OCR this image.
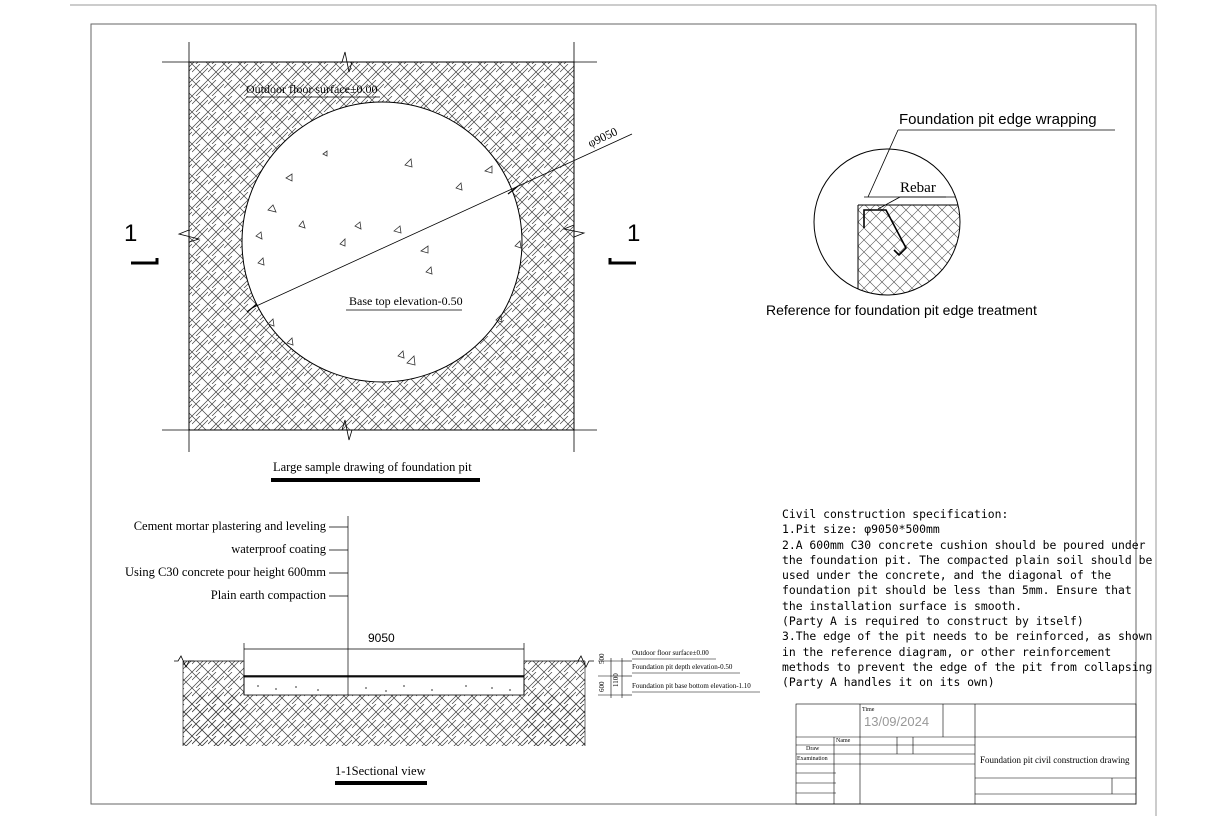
Outdoor floor surface±0.00
φ9050
Base top elevation-0.50
Large sample drawing of foundation pit
1	1
Foundation pit edge wrapping
Rebar
Reference for foundation pit edge treatment
Cement mortar plastering and leveling
waterproof coating
Using C30 concrete pour height 600mm
Plain earth compaction
9050
Outdoor floor surface±0.00
Foundation pit depth elevation-0.50
Foundation pit base bottom elevation-1.10
500
600 1100
1-1Sectional view
Civil construction specification:
1.Pit size: φ9050*500mm
2.A 600mm C30 concrete cushion should be poured under
the foundation pit. The compacted plain soil should be
used under the concrete, and the diagonal of the
foundation pit should be less than 5mm. Ensure that
the installation surface is smooth.
(Party A is required to construct by itself)
3.The edge of the pit needs to be reinforced, as shown
in the reference diagram, or other reinforcement
methods to prevent the edge of the pit from collapsing
(Party A handles it on its own)
Time
13/09/2024
Name
Draw
Examination	Foundation pit civil construction drawing
